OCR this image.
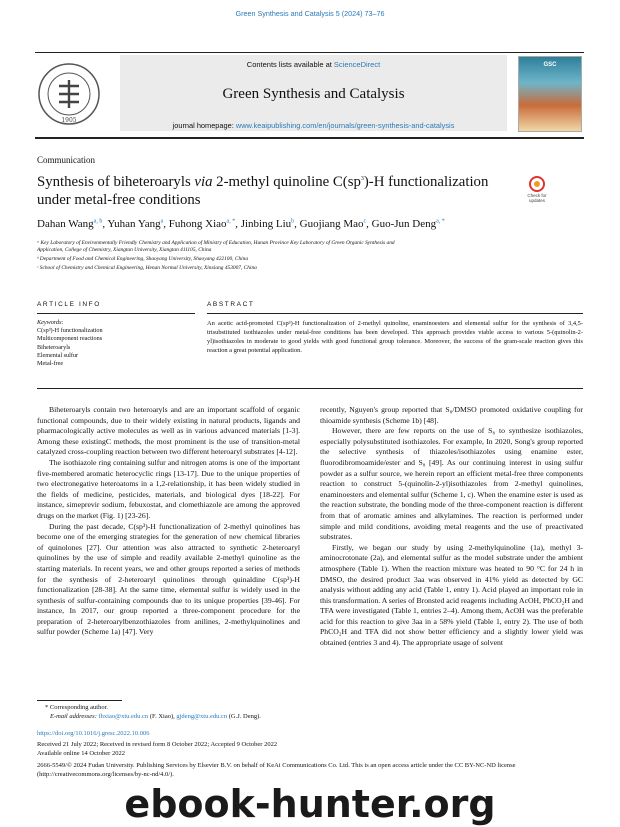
Green Synthesis and Catalysis 5 (2024) 73–76
1905
Contents lists available at ScienceDirect
Green Synthesis and Catalysis
journal homepage: www.keaipublishing.com/en/journals/green-synthesis-and-catalysis
GSC
Communication
Synthesis of biheteroaryls via 2-methyl quinoline $C(sp^3)-H$ functionalization
under metal-free conditions	Check for updates
Dahan Wang$^{a, b}$, Yuhan Yang$^a$, Fuhong Xiao$^{a, *}$, Jinbing Liu$^b$, Guojiang Mao$^c$, Guo-Jun Deng$^{a, *}$
ᵃ Key Laboratory of Environmentally Friendly Chemistry and Application of Ministry of Education, Hunan Province Key Laboratory of Green Organic Synthesis and
Application, College of Chemistry, Xiangtan University, Xiangtan 411105, China
ᵇ Department of Food and Chemical Engineering, Shaoyang University, Shaoyang 422100, China
ᶜ School of Chemistry and Chemical Engineering, Henan Normal University, Xinxiang 453007, China
ARTICLE INFO	ABSTRACT
Keywords:
C(sp³)-H functionalization
Multicomponent reactions
Biheteroaryls
Elemental sulfur
Metal-free
An acetic acid-promoted C(sp³)-H functionalization of 2-methyl quinoline, enaminoesters and elemental sulfur for the synthesis of 3,4,5-trisubstituted isothiazoles under metal-free conditions has been developed. This approach provides viable access to various 5-(quinolin-2-yl)isothiazoles in moderate to good yields with good functional group tolerance. Moreover, the success of the gram-scale reaction gives this reaction a great potential application.

Biheteroaryls contain two heteroaryls and are an important scaffold of organic functional compounds, due to their widely existing in natural products, ligands and pharmacologically active molecules as well as in various advanced materials [1-3]. Among these existingC methods, the most prominent is the use of transition-metal catalyzed cross-coupling reaction between two different heteroaryl substrates [4-12].

The isothiazole ring containing sulfur and nitrogen atoms is one of the important five-membered aromatic heterocyclic rings [13-17]. Due to the unique properties of two electronegative heteroatoms in a 1,2-relationship, it has been widely studied in the fields of medicine, pesticides, materials, and biological dyes [18-22]. For instance, simeprevir sodium, febuxostat, and clomethiazole are among the approved drugs on the market (Fig. 1) [23-26].

During the past decade, C(sp³)-H functionalization of 2-methyl quinolines has become one of the emerging strategies for the generation of new chemical libraries of quinolones [27]. Our attention was also attracted to synthetic 2-heteroaryl quinolines by the use of simple and readily available 2-methyl quinoline as the starting materials. In recent years, we and other groups reported a series of methods for the synthesis of 2-heteroaryl quinolines through quinaldine C(sp³)-H functionalization [28-38]. At the same time, elemental sulfur is widely used in the synthesis of sulfur-containing compounds due to its unique properties [39-46]. For instance, In 2017, our group reported a three-component procedure for the preparation of 2-heteroarylbenzothiazoles from anilines, 2-methylquinolines and sulfur powder (Scheme 1a) [47]. Very

recently, Nguyen's group reported that S₈/DMSO promoted oxidative coupling for thioamide synthesis (Scheme 1b) [48].

However, there are few reports on the use of S₈ to synthesize isothiazoles, especially polysubstituted isothiazoles. For example, In 2020, Song's group reported the selective synthesis of thiazoles/isothiazoles using enamine ester, fluorodibromoamide/ester and S₈ [49]. As our continuing interest in using sulfur powder as a sulfur source, we herein report an efficient metal-free three components reaction to construct 5-(quinolin-2-yl)isothiazoles from 2-methyl quinolines, enaminoesters and elemental sulfur (Scheme 1, c). When the enamine ester is used as the reaction substrate, the bonding mode of the three-component reaction is different from that of aromatic amines and alkylamines. The reaction is performed under simple and mild conditions, avoiding metal reagents and the use of preactivated substrates.

Firstly, we began our study by using 2-methylquinoline (1a), methyl 3-aminocrotonate (2a), and elemental sulfur as the model substrate under the ambient atmosphere (Table 1). When the reaction mixture was heated to 90 °C for 24 h in DMSO, the desired product 3aa was observed in 41% yield as detected by GC analysis without adding any acid (Table 1, entry 1). Acid played an important role in this transformation. A series of Bronsted acid reagents including AcOH, PhCO₂H and TFA were investigated (Table 1, entries 2–4). Among them, AcOH was the preferable acid for this reaction to give 3aa in a 58% yield (Table 1, entry 2). The use of both PhCO₂H and TFA did not show better efficiency and a slightly lower yield was obtained (entries 3 and 4). The appropriate usage of solvent

* Corresponding author.
E-mail addresses: fhxiao@xtu.edu.cn (F. Xiao), gjdeng@xtu.edu.cn (G.J. Deng).
https://doi.org/10.1016/j.gresc.2022.10.006
Received 21 July 2022; Received in revised form 8 October 2022; Accepted 9 October 2022
Available online 14 October 2022
2666-5549/© 2024 Fudan University. Publishing Services by Elsevier B.V. on behalf of KeAi Communications Co. Ltd. This is an open access article under the CC BY-NC-ND license (http://creativecommons.org/licenses/by-nc-nd/4.0/).
ebook-hunter.org
